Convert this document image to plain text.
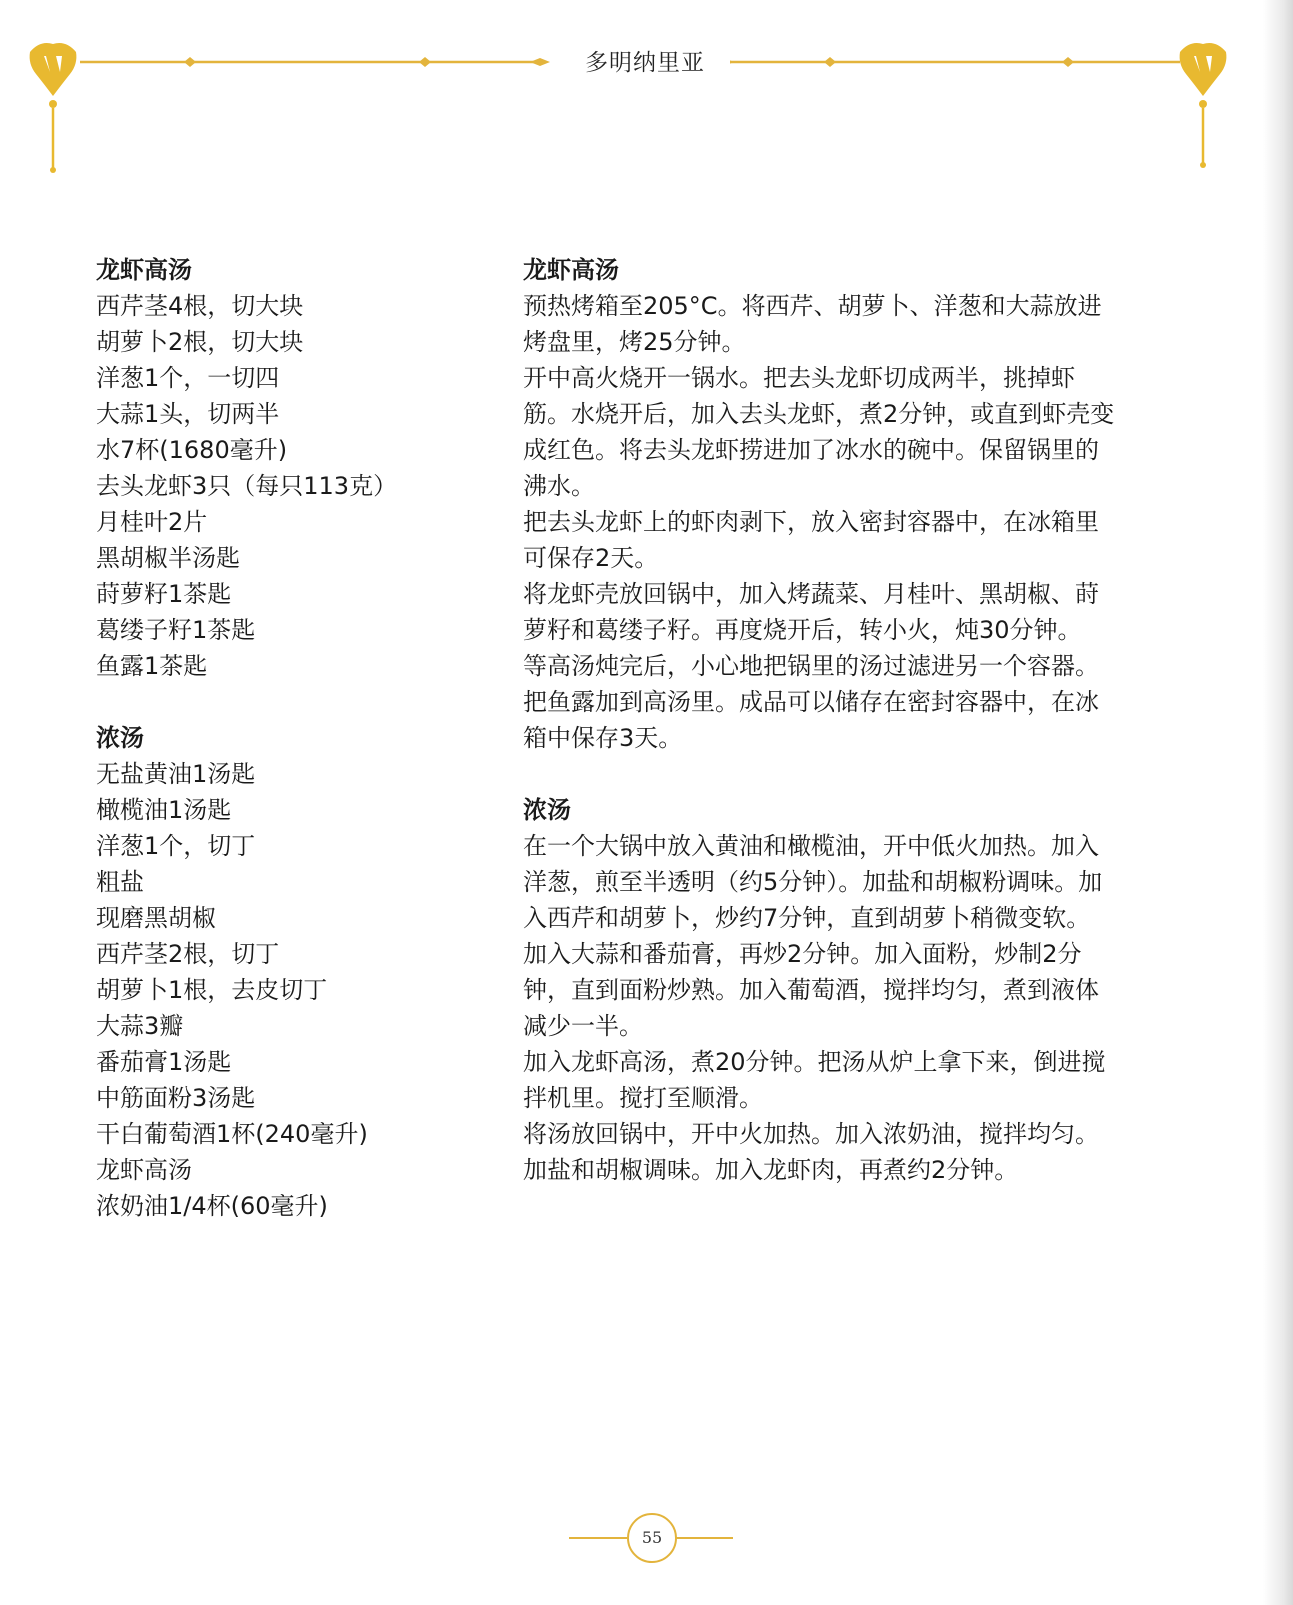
多明纳里亚
龙虾高汤

西芹茎4根，切大块

胡萝卜2根，切大块

洋葱1个，一切四

大蒜1头，切两半

水7杯(1680毫升)

去头龙虾3只（每只113克）

月桂叶2片

黑胡椒半汤匙

莳萝籽1茶匙

葛缕子籽1茶匙

鱼露1茶匙

浓汤

无盐黄油1汤匙

橄榄油1汤匙

洋葱1个，切丁

粗盐

现磨黑胡椒

西芹茎2根，切丁

胡萝卜1根，去皮切丁

大蒜3瓣

番茄膏1汤匙

中筋面粉3汤匙

干白葡萄酒1杯(240毫升)

龙虾高汤

浓奶油1/4杯(60毫升)

龙虾高汤

预热烤箱至205°C。将西芹、胡萝卜、洋葱和大蒜放进

烤盘里，烤25分钟。

开中高火烧开一锅水。把去头龙虾切成两半，挑掉虾

筋。水烧开后，加入去头龙虾，煮2分钟，或直到虾壳变

成红色。将去头龙虾捞进加了冰水的碗中。保留锅里的

沸水。

把去头龙虾上的虾肉剥下，放入密封容器中，在冰箱里

可保存2天。

将龙虾壳放回锅中，加入烤蔬菜、月桂叶、黑胡椒、莳

萝籽和葛缕子籽。再度烧开后，转小火，炖30分钟。

等高汤炖完后，小心地把锅里的汤过滤进另一个容器。

把鱼露加到高汤里。成品可以储存在密封容器中，在冰

箱中保存3天。

浓汤

在一个大锅中放入黄油和橄榄油，开中低火加热。加入

洋葱，煎至半透明（约5分钟）。加盐和胡椒粉调味。加

入西芹和胡萝卜，炒约7分钟，直到胡萝卜稍微变软。

加入大蒜和番茄膏，再炒2分钟。加入面粉，炒制2分

钟，直到面粉炒熟。加入葡萄酒，搅拌均匀，煮到液体

减少一半。

加入龙虾高汤，煮20分钟。把汤从炉上拿下来，倒进搅

拌机里。搅打至顺滑。

将汤放回锅中，开中火加热。加入浓奶油，搅拌均匀。

加盐和胡椒调味。加入龙虾肉，再煮约2分钟。

55
